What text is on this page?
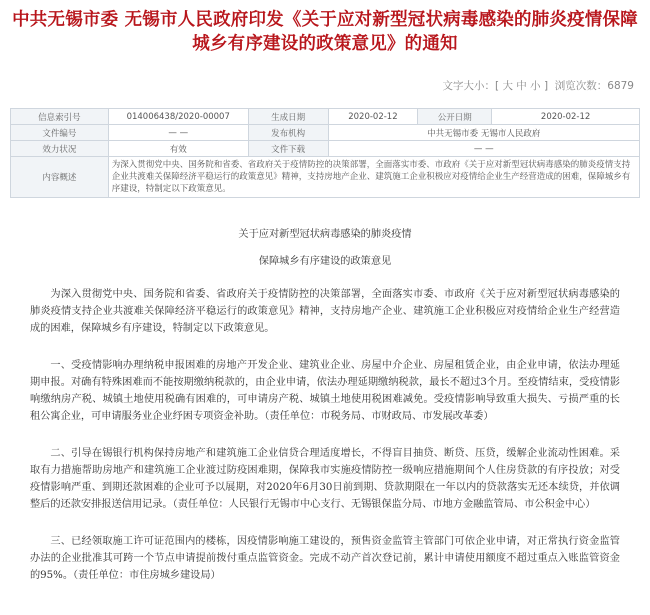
中共无锡市委 无锡市人民政府印发《关于应对新型冠状病毒感染的肺炎疫情保障城乡有序建设的政策意见》的通知
文字大小：[ 大 中 小 ] 浏览次数：6879
信息索引号	014006438/2020-00007	生成日期	2020-02-12	公开日期	2020-02-12
文件编号	— —	发布机构	中共无锡市委 无锡市人民政府		
效力状况	有效	文件下载	— —		
内容概述	为深入贯彻党中央、国务院和省委、省政府关于疫情防控的决策部署，全面落实市委、市政府《关于应对新型冠状病毒感染的肺炎疫情支持企业共渡难关保障经济平稳运行的政策意见》精神，支持房地产企业、建筑施工企业积极应对疫情给企业生产经营造成的困难，保障城乡有序建设，特制定以下政策意见。				

关于应对新型冠状病毒感染的肺炎疫情

保障城乡有序建设的政策意见

为深入贯彻党中央、国务院和省委、省政府关于疫情防控的决策部署，全面落实市委、市政府《关于应对新型冠状病毒感染的肺炎疫情支持企业共渡难关保障经济平稳运行的政策意见》精神，支持房地产企业、建筑施工企业积极应对疫情给企业生产经营造成的困难，保障城乡有序建设，特制定以下政策意见。

一、受疫情影响办理纳税申报困难的房地产开发企业、建筑业企业、房屋中介企业、房屋租赁企业，由企业申请，依法办理延期申报。对确有特殊困难而不能按期缴纳税款的，由企业申请，依法办理延期缴纳税款，最长不超过3个月。至疫情结束，受疫情影响缴纳房产税、城镇土地使用税确有困难的，可申请房产税、城镇土地使用税困难减免。受疫情影响导致重大损失、亏损严重的长租公寓企业，可申请服务业企业纾困专项资金补助。（责任单位：市税务局、市财政局、市发展改革委）

二、引导在锡银行机构保持房地产和建筑施工企业信贷合理适度增长，不得盲目抽贷、断贷、压贷，缓解企业流动性困难。采取有力措施帮助房地产和建筑施工企业渡过防疫困难期，保障我市实施疫情防控一级响应措施期间个人住房贷款的有序投放；对受疫情影响严重、到期还款困难的企业可予以展期，对2020年6月30日前到期、贷款期限在一年以内的贷款落实无还本续贷，并依调整后的还款安排报送信用记录。（责任单位：人民银行无锡市中心支行、无锡银保监分局、市地方金融监管局、市公积金中心）

三、已经领取施工许可证范围内的楼栋，因疫情影响施工建设的，预售资金监管主管部门可依企业申请，对正常执行资金监管办法的企业批准其可跨一个节点申请提前拨付重点监管资金。完成不动产首次登记前，累计申请使用额度不超过重点入账监管资金的95%。（责任单位：市住房城乡建设局）
